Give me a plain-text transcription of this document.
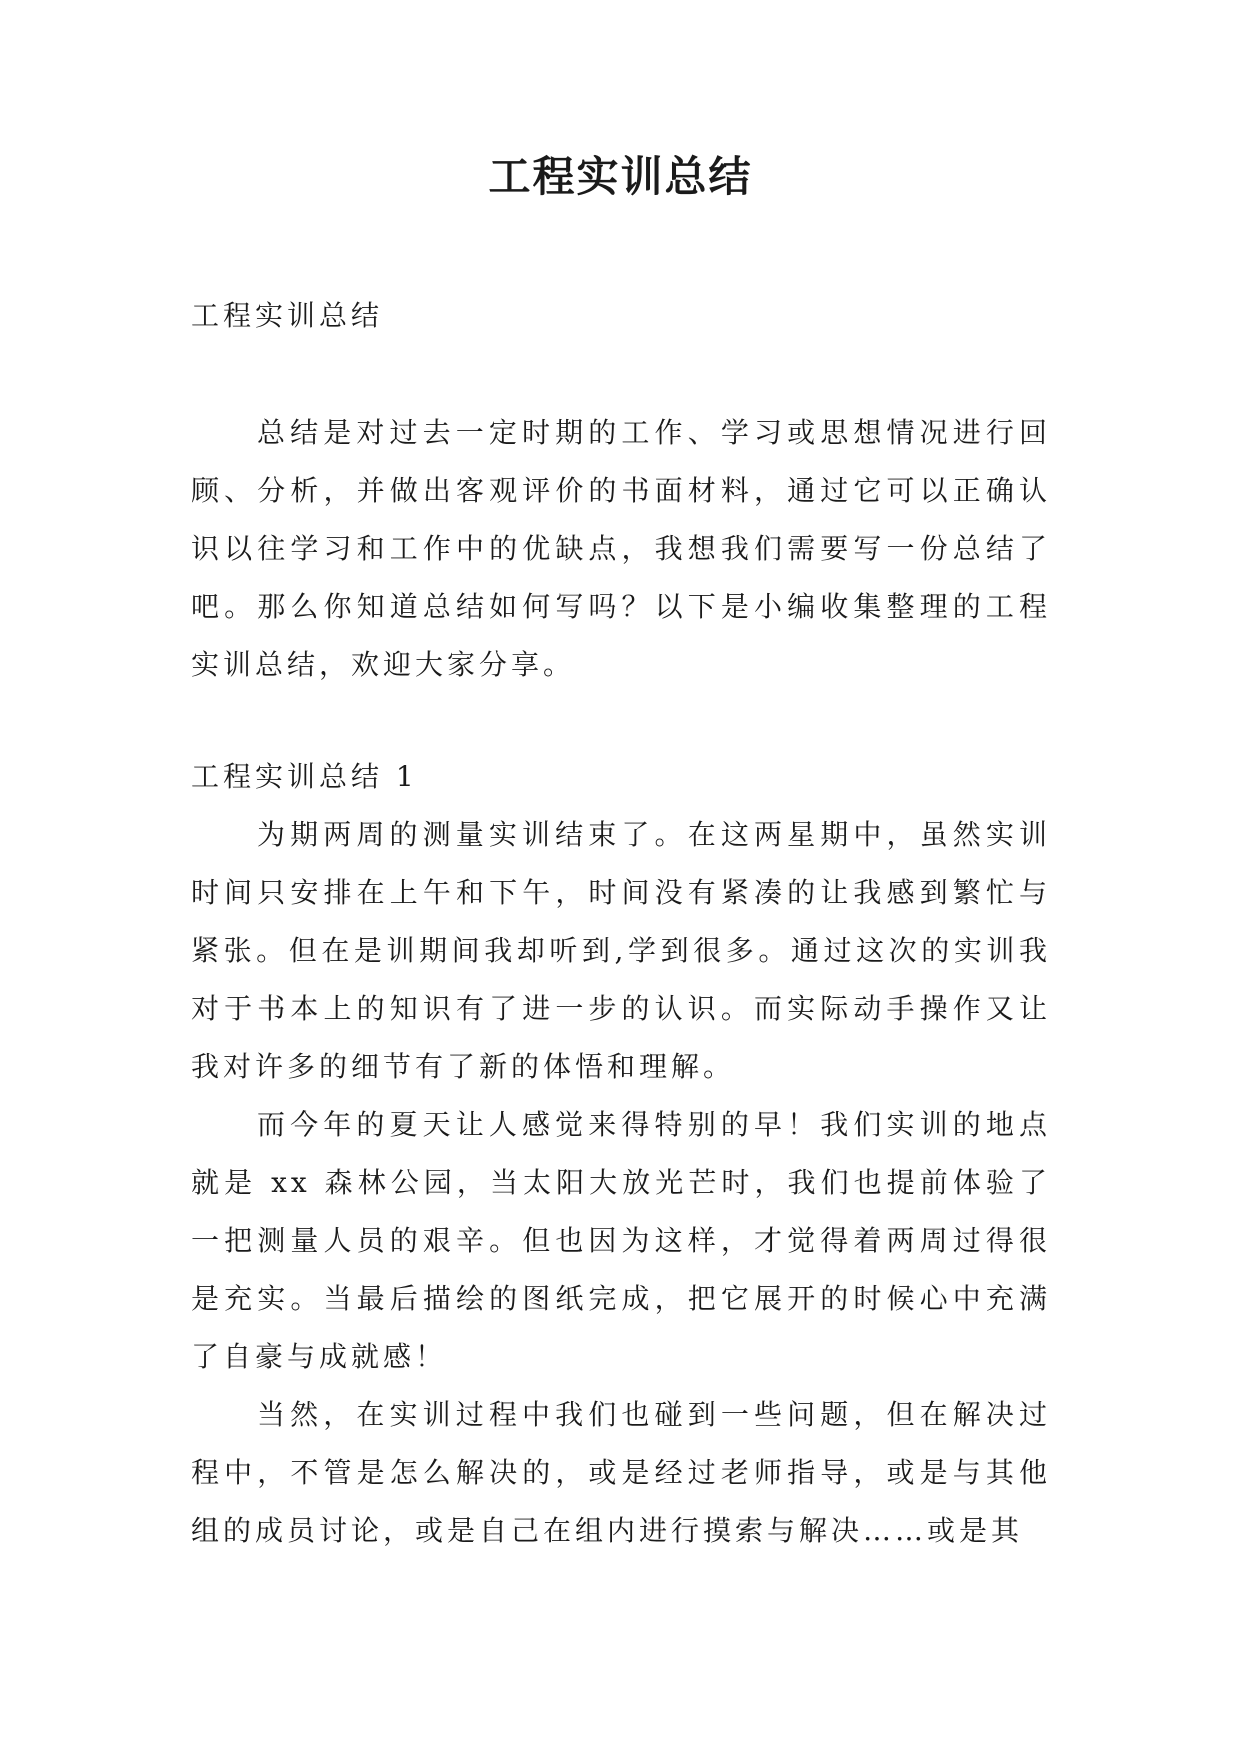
工程实训总结

工程实训总结

总结是对过去一定时期的工作、学习或思想情况进行回顾、分析，并做出客观评价的书面材料，通过它可以正确认识以往学习和工作中的优缺点，我想我们需要写一份总结了吧。那么你知道总结如何写吗？以下是小编收集整理的工程实训总结，欢迎大家分享。

工程实训总结 1

为期两周的测量实训结束了。在这两星期中，虽然实训时间只安排在上午和下午，时间没有紧凑的让我感到繁忙与紧张。但在是训期间我却听到,学到很多。通过这次的实训我对于书本上的知识有了进一步的认识。而实际动手操作又让我对许多的细节有了新的体悟和理解。

而今年的夏天让人感觉来得特别的早！我们实训的地点就是 xx 森林公园，当太阳大放光芒时，我们也提前体验了一把测量人员的艰辛。但也因为这样，才觉得着两周过得很是充实。当最后描绘的图纸完成，把它展开的时候心中充满了自豪与成就感！

当然，在实训过程中我们也碰到一些问题，但在解决过程中，不管是怎么解决的，或是经过老师指导，或是与其他组的成员讨论，或是自己在组内进行摸索与解决……或是其
